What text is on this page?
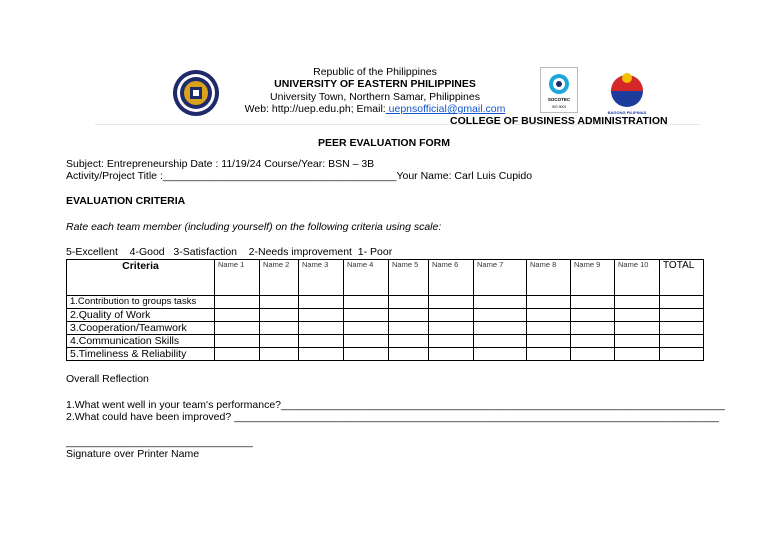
Republic of the Philippines
UNIVERSITY OF EASTERN PHILIPPINES
University Town, Northern Samar, Philippines
Web: http://uep.edu.ph; Email: uepnsofficial@gmail.com
SOCOTEC
ISO 9001
BAGONG PILIPINAS
COLLEGE OF BUSINESS ADMINISTRATION
PEER EVALUATION FORM
Subject: Entrepreneurship Date : 11/19/24 Course/Year: BSN – 3B
Activity/Project Title :________________________________________Your Name: Carl Luis Cupido
EVALUATION CRITERIA
Rate each team member (including yourself) on the following criteria using scale:
5-Excellent    4-Good   3-Satisfaction    2-Needs improvement  1- Poor
Criteria	Name 1	Name 2	Name 3	Name 4	Name 5	Name 6	Name 7	Name 8	Name 9	Name 10	TOTAL
1.Contribution to groups tasks											
2.Quality of Work											
3.Cooperation/Teamwork											
4.Communication Skills											
5.Timeliness & Reliability											
Overall Reflection
1.What went well in your team's performance?____________________________________________________________________________
2.What could have been improved? ___________________________________________________________________________________
________________________________
Signature over Printer Name
